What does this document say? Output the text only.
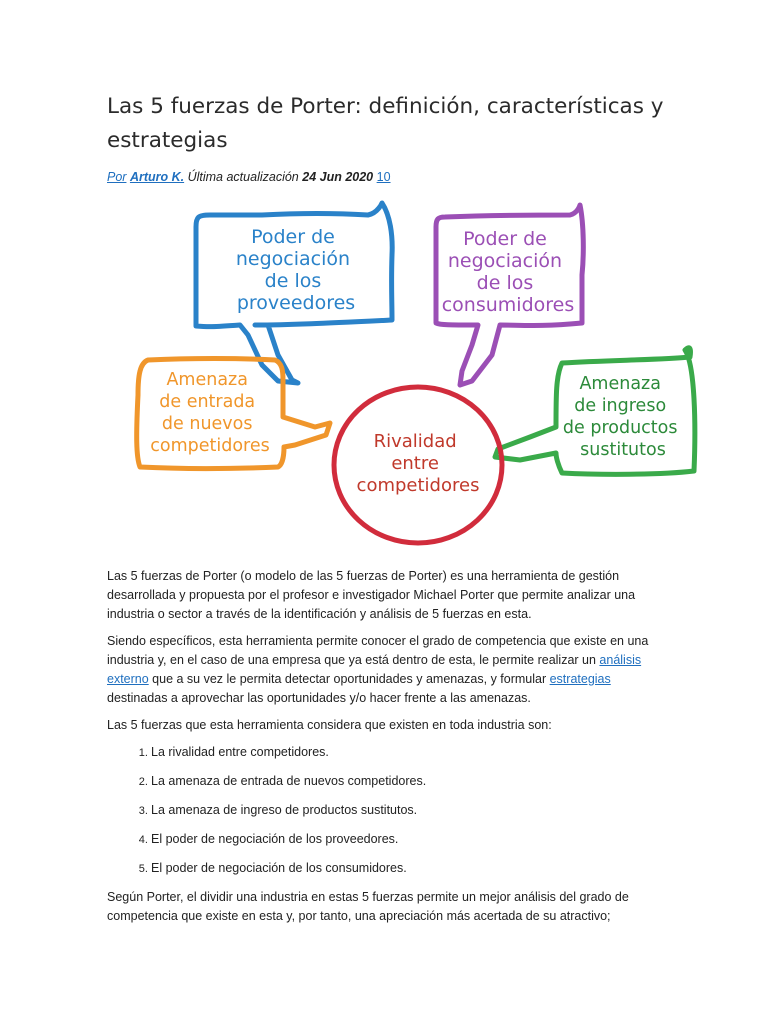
Las 5 fuerzas de Porter: definición, características y estrategias
Por Arturo K. Última actualización 24 Jun 2020 10
Poder de negociación de los proveedores
Poder de negociación de los consumidores
Amenaza de entrada de nuevos competidores
Amenaza de ingreso de productos sustitutos
Rivalidad entre competidores

Las 5 fuerzas de Porter (o modelo de las 5 fuerzas de Porter) es una herramienta de gestión desarrollada y propuesta por el profesor e investigador Michael Porter que permite analizar una industria o sector a través de la identificación y análisis de 5 fuerzas en esta.

Siendo específicos, esta herramienta permite conocer el grado de competencia que existe en una industria y, en el caso de una empresa que ya está dentro de esta, le permite realizar un análisis externo que a su vez le permita detectar oportunidades y amenazas, y formular estrategias destinadas a aprovechar las oportunidades y/o hacer frente a las amenazas.

Las 5 fuerzas que esta herramienta considera que existen en toda industria son:

1. La rivalidad entre competidores.
2. La amenaza de entrada de nuevos competidores.
3. La amenaza de ingreso de productos sustitutos.
4. El poder de negociación de los proveedores.
5. El poder de negociación de los consumidores.

Según Porter, el dividir una industria en estas 5 fuerzas permite un mejor análisis del grado de competencia que existe en esta y, por tanto, una apreciación más acertada de su atractivo;
